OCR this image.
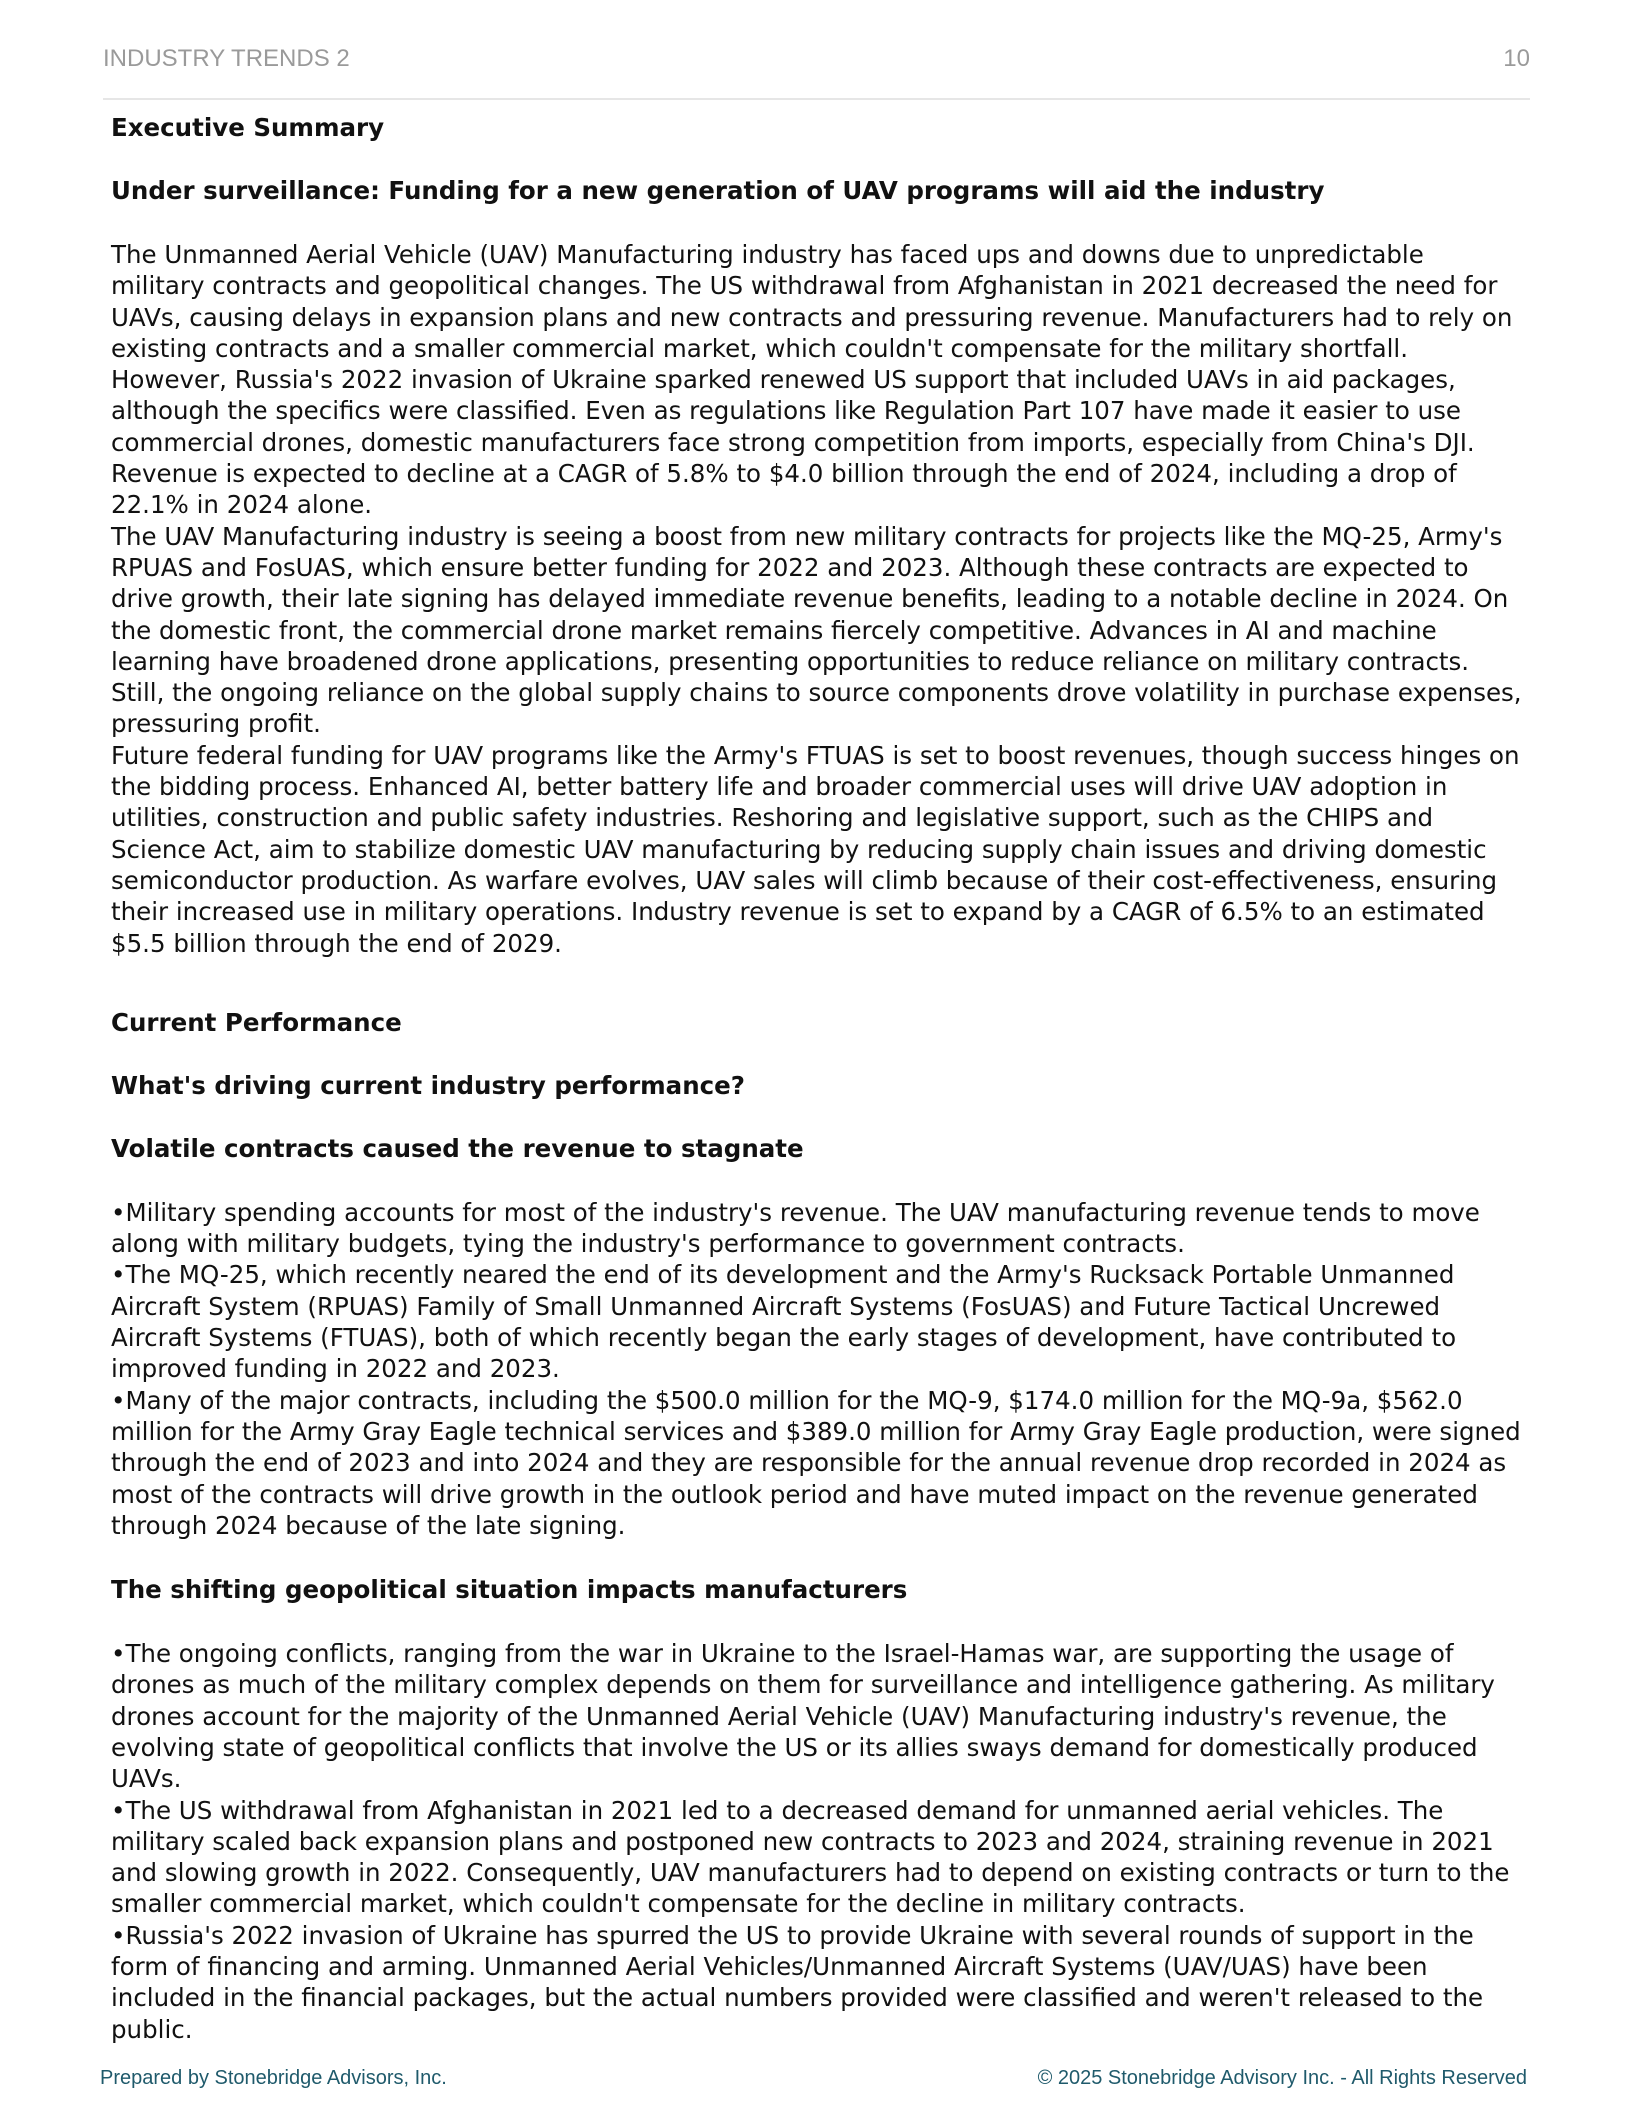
INDUSTRY TRENDS 2	10
Executive Summary
Under surveillance: Funding for a new generation of UAV programs will aid the industry

The Unmanned Aerial Vehicle (UAV) Manufacturing industry has faced ups and downs due to unpredictable military contracts and geopolitical changes. The US withdrawal from Afghanistan in 2021 decreased the need for UAVs, causing delays in expansion plans and new contracts and pressuring revenue. Manufacturers had to rely on existing contracts and a smaller commercial market, which couldn't compensate for the military shortfall. However, Russia's 2022 invasion of Ukraine sparked renewed US support that included UAVs in aid packages, although the specifics were classified. Even as regulations like Regulation Part 107 have made it easier to use commercial drones, domestic manufacturers face strong competition from imports, especially from China's DJI. Revenue is expected to decline at a CAGR of 5.8% to $4.0 billion through the end of 2024, including a drop of 22.1% in 2024 alone.

The UAV Manufacturing industry is seeing a boost from new military contracts for projects like the MQ-25, Army's RPUAS and FosUAS, which ensure better funding for 2022 and 2023. Although these contracts are expected to drive growth, their late signing has delayed immediate revenue benefits, leading to a notable decline in 2024. On the domestic front, the commercial drone market remains fiercely competitive. Advances in AI and machine learning have broadened drone applications, presenting opportunities to reduce reliance on military contracts. Still, the ongoing reliance on the global supply chains to source components drove volatility in purchase expenses, pressuring profit.

Future federal funding for UAV programs like the Army's FTUAS is set to boost revenues, though success hinges on the bidding process. Enhanced AI, better battery life and broader commercial uses will drive UAV adoption in utilities, construction and public safety industries. Reshoring and legislative support, such as the CHIPS and Science Act, aim to stabilize domestic UAV manufacturing by reducing supply chain issues and driving domestic semiconductor production. As warfare evolves, UAV sales will climb because of their cost-effectiveness, ensuring their increased use in military operations. Industry revenue is set to expand by a CAGR of 6.5% to an estimated $5.5 billion through the end of 2029.

Current Performance
What's driving current industry performance?
Volatile contracts caused the revenue to stagnate

•Military spending accounts for most of the industry's revenue. The UAV manufacturing revenue tends to move along with military budgets, tying the industry's performance to government contracts.

•The MQ-25, which recently neared the end of its development and the Army's Rucksack Portable Unmanned Aircraft System (RPUAS) Family of Small Unmanned Aircraft Systems (FosUAS) and Future Tactical Uncrewed Aircraft Systems (FTUAS), both of which recently began the early stages of development, have contributed to improved funding in 2022 and 2023.

•Many of the major contracts, including the $500.0 million for the MQ-9, $174.0 million for the MQ-9a, $562.0 million for the Army Gray Eagle technical services and $389.0 million for Army Gray Eagle production, were signed through the end of 2023 and into 2024 and they are responsible for the annual revenue drop recorded in 2024 as most of the contracts will drive growth in the outlook period and have muted impact on the revenue generated through 2024 because of the late signing.

The shifting geopolitical situation impacts manufacturers

•The ongoing conflicts, ranging from the war in Ukraine to the Israel-Hamas war, are supporting the usage of drones as much of the military complex depends on them for surveillance and intelligence gathering. As military drones account for the majority of the Unmanned Aerial Vehicle (UAV) Manufacturing industry's revenue, the evolving state of geopolitical conflicts that involve the US or its allies sways demand for domestically produced UAVs.

•The US withdrawal from Afghanistan in 2021 led to a decreased demand for unmanned aerial vehicles. The military scaled back expansion plans and postponed new contracts to 2023 and 2024, straining revenue in 2021 and slowing growth in 2022. Consequently, UAV manufacturers had to depend on existing contracts or turn to the smaller commercial market, which couldn't compensate for the decline in military contracts.

•Russia's 2022 invasion of Ukraine has spurred the US to provide Ukraine with several rounds of support in the form of financing and arming. Unmanned Aerial Vehicles/Unmanned Aircraft Systems (UAV/UAS) have been included in the financial packages, but the actual numbers provided were classified and weren't released to the public.

Prepared by Stonebridge Advisors, Inc.	© 2025 Stonebridge Advisory Inc. - All Rights Reserved
